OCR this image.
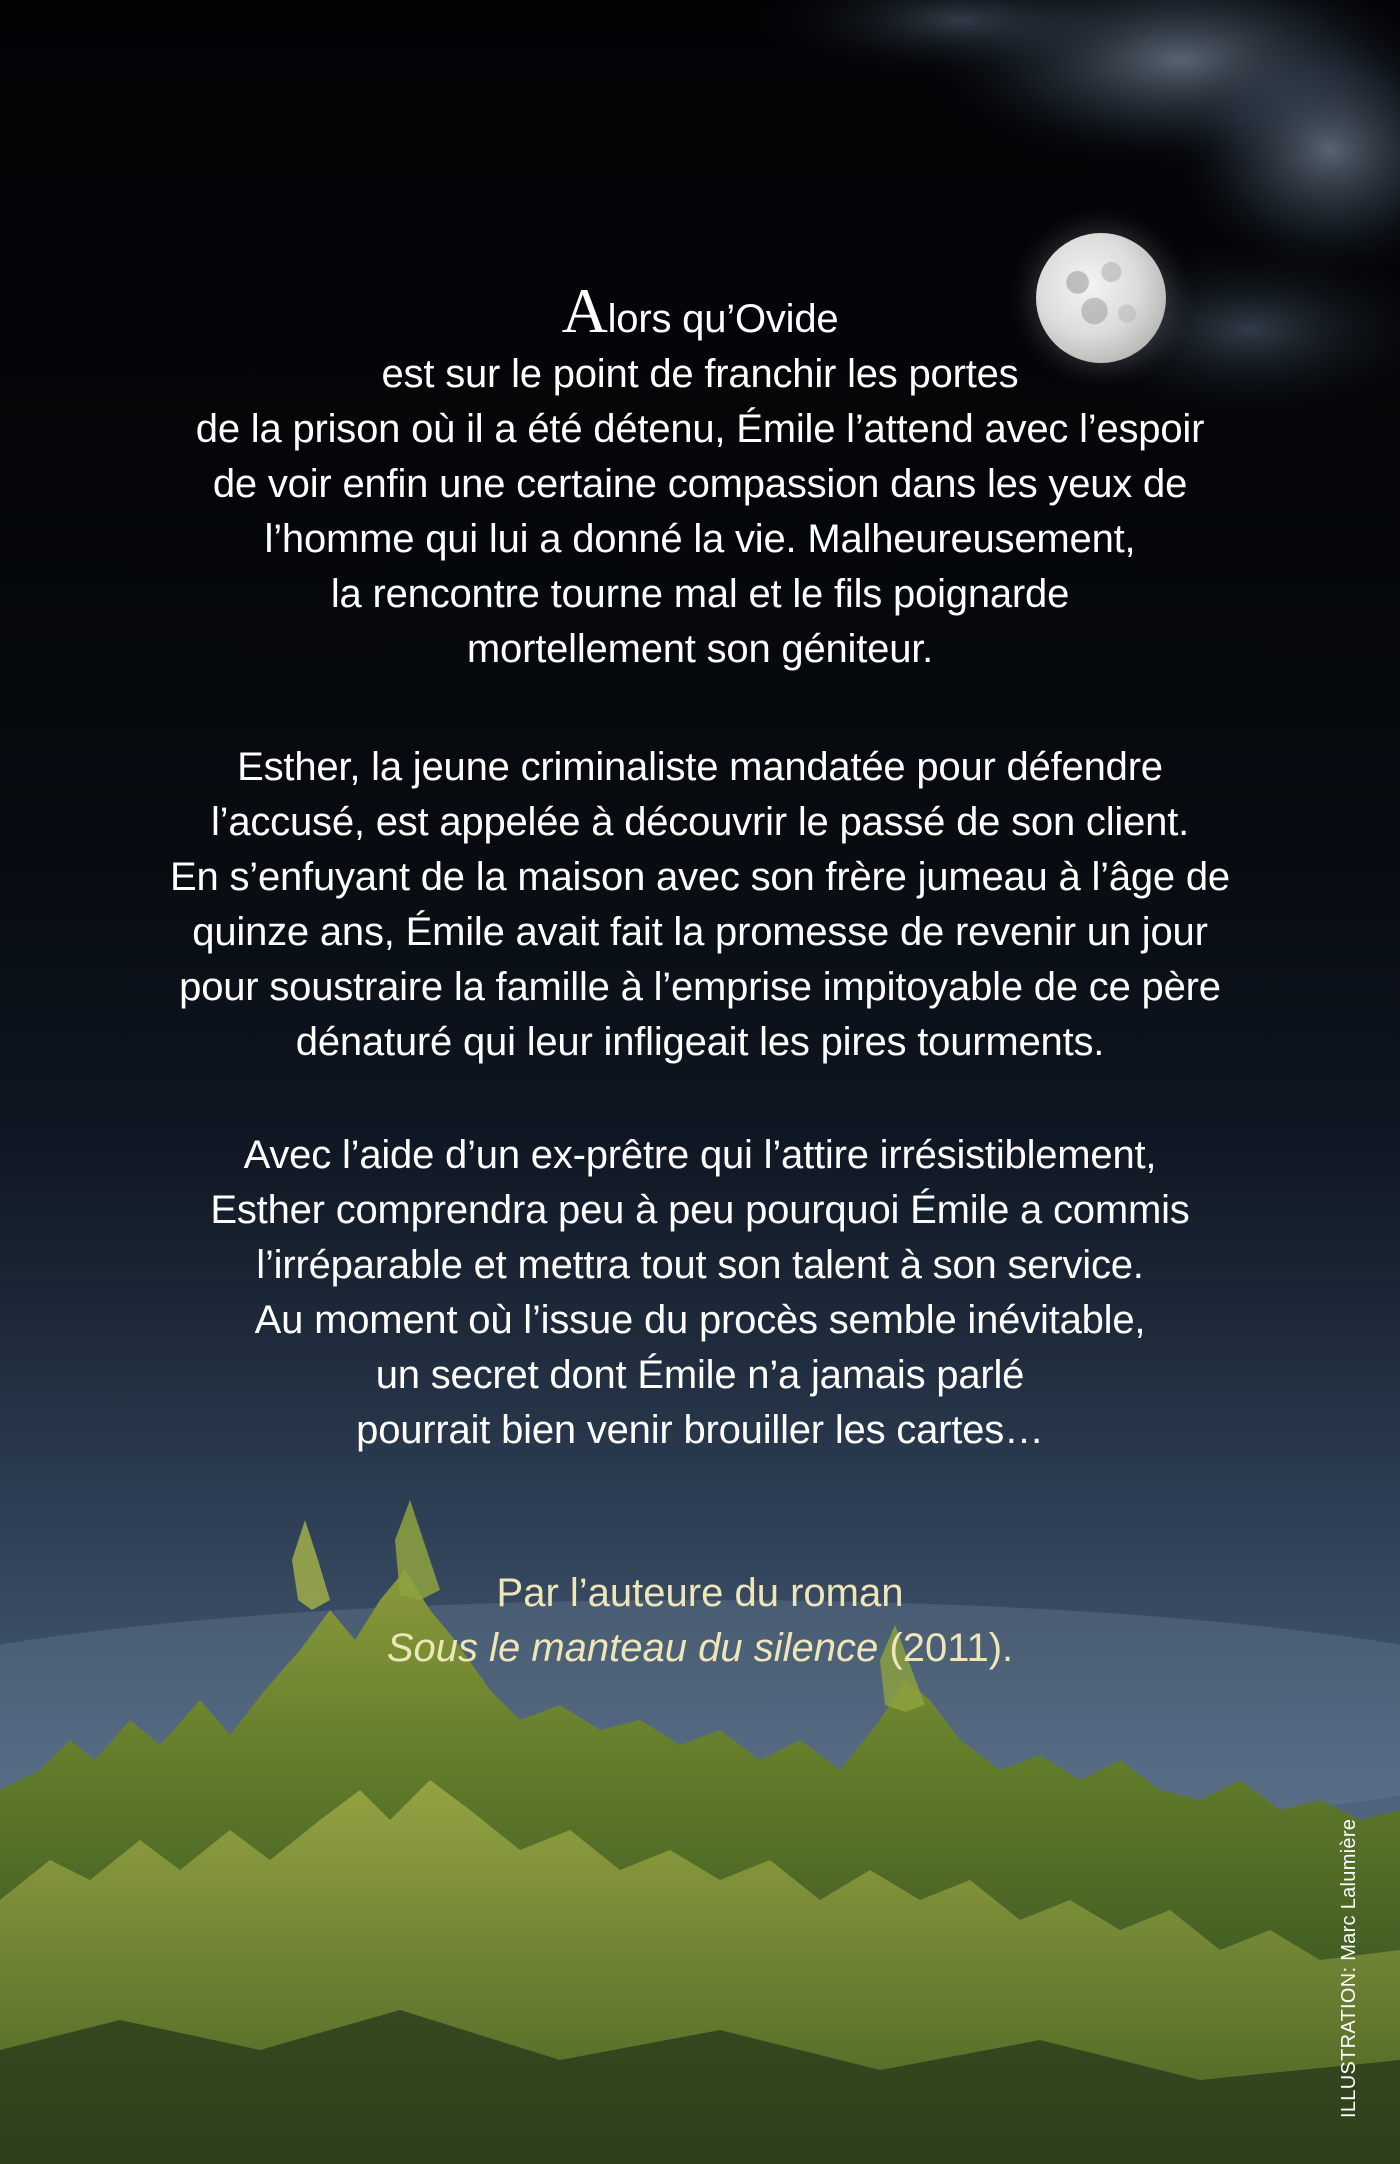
Alors qu’Ovide
est sur le point de franchir les portes
de la prison où il a été détenu, Émile l’attend avec l’espoir
de voir enfin une certaine compassion dans les yeux de
l’homme qui lui a donné la vie. Malheureusement,
la rencontre tourne mal et le fils poignarde
mortellement son géniteur.
Esther, la jeune criminaliste mandatée pour défendre
l’accusé, est appelée à découvrir le passé de son client.
En s’enfuyant de la maison avec son frère jumeau à l’âge de
quinze ans, Émile avait fait la promesse de revenir un jour
pour soustraire la famille à l’emprise impitoyable de ce père
dénaturé qui leur infligeait les pires tourments.
Avec l’aide d’un ex-prêtre qui l’attire irrésistiblement,
Esther comprendra peu à peu pourquoi Émile a commis
l’irréparable et mettra tout son talent à son service.
Au moment où l’issue du procès semble inévitable,
un secret dont Émile n’a jamais parlé
pourrait bien venir brouiller les cartes…
Par l’auteure du roman
Sous le manteau du silence (2011).
ILLUSTRATION: Marc Lalumière
